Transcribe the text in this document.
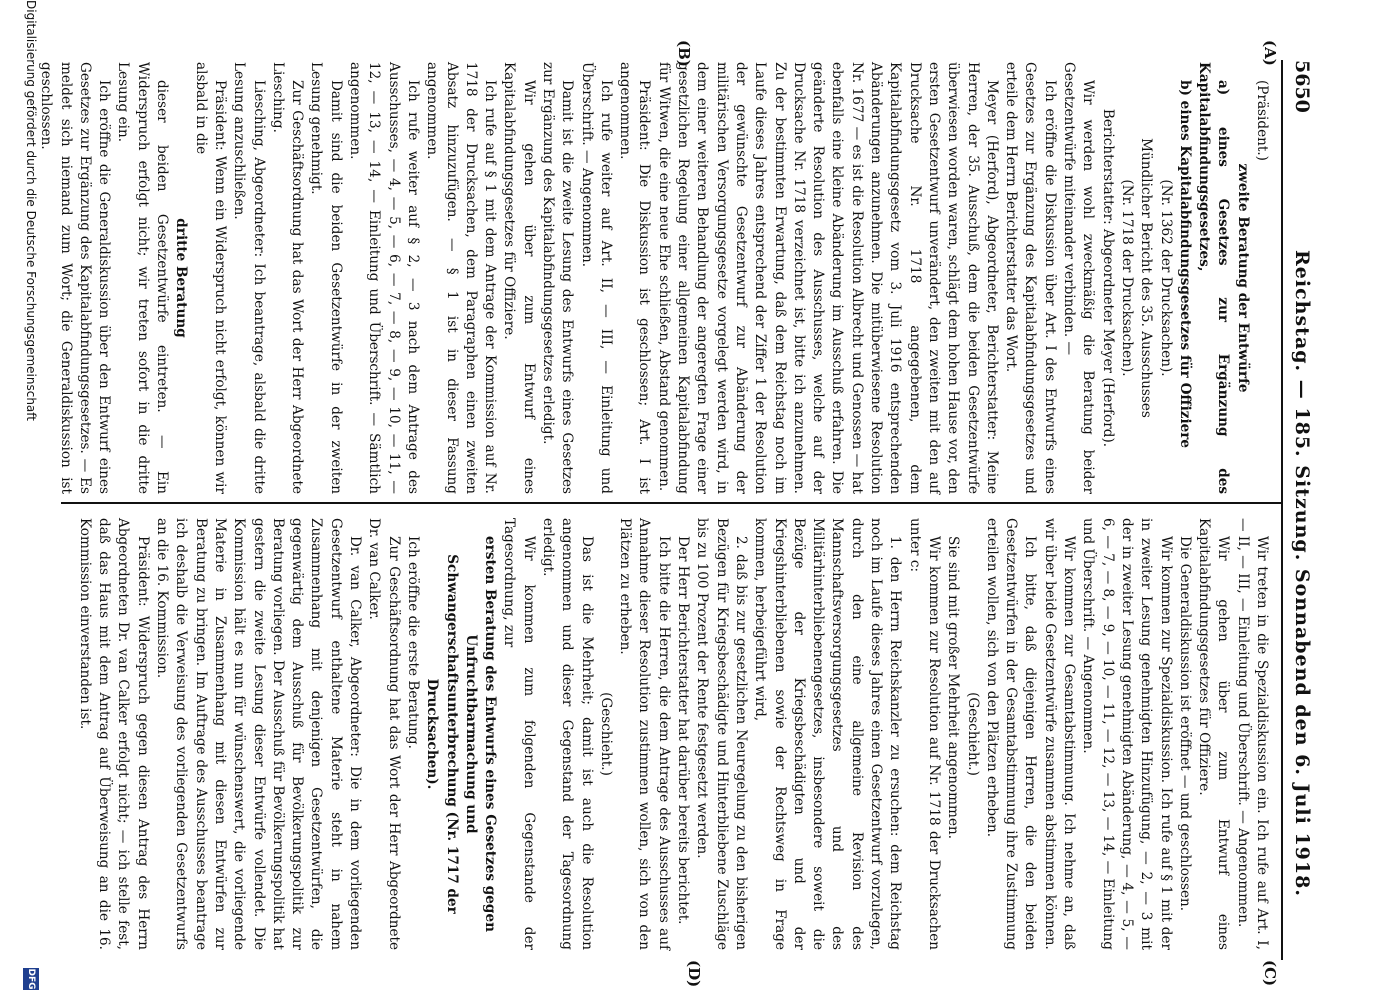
5650
Reichstag. — 185. Sitzung. Sonnabend den 6. Juli 1918.
(A)
(B)
(C)
(D)

(Präsident.)

zweite Beratung der Entwürfe

a) eines Gesetzes zur Ergänzung des Kapitalabfindungsgesetzes,

b) eines Kapitalabfindungsgesetzes für Offiziere

(Nr. 1362 der Drucksachen).

Mündlicher Bericht des 35. Ausschusses

(Nr. 1718 der Drucksachen).

Berichterstatter: Abgeordneter Meyer (Herford).

Wir werden wohl zweckmäßig die Beratung beider Gesetzentwürfe miteinander verbinden. —

Ich eröffne die Diskussion über Art. I des Entwurfs eines Gesetzes zur Ergänzung des Kapitalabfindungsgesetzes und erteile dem Herrn Berichterstatter das Wort.

Meyer (Herford), Abgeordneter, Berichterstatter: Meine Herren, der 35. Ausschuß, dem die beiden Gesetzentwürfe überwiesen worden waren, schlägt dem hohen Hause vor, den ersten Gesetzentwurf unverändert, den zweiten mit den auf Drucksache Nr. 1718 angegebenen, dem Kapitalabfindungsgesetz vom 3. Juli 1916 entsprechenden Abänderungen anzunehmen. Die mitüberwiesene Resolution Nr. 1677 — es ist die Resolution Albrecht und Genossen — hat ebenfalls eine kleine Abänderung im Ausschuß erfahren. Die geänderte Resolution des Ausschusses, welche auf der Drucksache Nr. 1718 verzeichnet ist, bitte ich anzunehmen. Zu der bestimmten Erwartung, daß dem Reichstag noch im Laufe dieses Jahres entsprechend der Ziffer 1 der Resolution der gewünschte Gesetzentwurf zur Abänderung der militärischen Versorgungsgesetze vorgelegt werden wird, in dem einer weiteren Behandlung der angeregten Frage einer gesetzlichen Regelung einer allgemeinen Kapitalabfindung für Witwen, die eine neue Ehe schließen, Abstand genommen.

Präsident: Die Diskussion ist geschlossen; Art. I ist angenommen.

Ich rufe weiter auf Art. II, — III, — Einleitung und Überschrift. — Angenommen.

Damit ist die zweite Lesung des Entwurfs eines Gesetzes zur Ergänzung des Kapitalabfindungsgesetzes erledigt.

Wir gehen über zum Entwurf eines Kapitalabfindungsgesetzes für Offiziere.

Ich rufe auf § 1 mit dem Antrage der Kommission auf Nr. 1718 der Drucksachen, dem Paragraphen einen zweiten Absatz hinzuzufügen. — § 1 ist in dieser Fassung angenommen.

Ich rufe weiter auf § 2, — 3 nach dem Antrage des Ausschusses, — 4, — 5, — 6, — 7, — 8, — 9, — 10, — 11, — 12, — 13, — 14, — Einleitung und Überschrift. — Sämtlich angenommen.

Damit sind die beiden Gesetzentwürfe in der zweiten Lesung genehmigt.

Zur Geschäftsordnung hat das Wort der Herr Abgeordnete Liesching.

Liesching, Abgeordneter: Ich beantrage, alsbald die dritte Lesung anzuschließen.

Präsident: Wenn ein Widerspruch nicht erfolgt, können wir alsbald in die

dritte Beratung

dieser beiden Gesetzentwürfe eintreten. — Ein Widerspruch erfolgt nicht; wir treten sofort in die dritte Lesung ein.

Ich eröffne die Generaldiskussion über den Entwurf eines Gesetzes zur Ergänzung des Kapitalabfindungsgesetzes. — Es meldet sich niemand zum Wort; die Generaldiskussion ist geschlossen.

Wir treten in die Spezialdiskussion ein. Ich rufe auf Art. I, — II, — III, — Einleitung und Überschrift. — Angenommen.

Wir gehen über zum Entwurf eines Kapitalabfindungsgesetzes für Offiziere.

Die Generaldiskussion ist eröffnet — und geschlossen.

Wir kommen zur Spezialdiskussion. Ich rufe auf § 1 mit der in zweiter Lesung genehmigten Hinzufügung, — 2, — 3 mit der in zweiter Lesung genehmigten Abänderung, — 4, — 5, — 6, — 7, — 8, — 9, — 10, — 11, — 12, — 13, — 14, — Einleitung und Überschrift. — Angenommen.

Wir kommen zur Gesamtabstimmung. Ich nehme an, daß wir über beide Gesetzentwürfe zusammen abstimmen können.

Ich bitte, daß diejenigen Herren, die den beiden Gesetzentwürfen in der Gesamtabstimmung ihre Zustimmung erteilen wollen, sich von den Plätzen erheben.

(Geschieht.)

Sie sind mit großer Mehrheit angenommen.

Wir kommen zur Resolution auf Nr. 1718 der Drucksachen unter c:

1. den Herrn Reichskanzler zu ersuchen: dem Reichstag noch im Laufe dieses Jahres einen Gesetzentwurf vorzulegen, durch den eine allgemeine Revision des Mannschaftsversorgungsgesetzes und des Militärhinterbliebenengesetzes, insbesondere soweit die Bezüge der Kriegsbeschädigten und der Kriegshinterbliebenen sowie der Rechtsweg in Frage kommen, herbeigeführt wird,

2. daß bis zur gesetzlichen Neuregelung zu den bisherigen Bezügen für Kriegsbeschädigte und Hinterbliebene Zuschläge bis zu 100 Prozent der Rente festgesetzt werden.

Der Herr Berichterstatter hat darüber bereits berichtet.

Ich bitte die Herren, die dem Antrage des Ausschusses auf Annahme dieser Resolution zustimmen wollen, sich von den Plätzen zu erheben.

(Geschieht.)

Das ist die Mehrheit; damit ist auch die Resolution angenommen und dieser Gegenstand der Tagesordnung erledigt.

Wir kommen zum folgenden Gegenstande der Tagesordnung, zur

ersten Beratung des Entwurfs eines Gesetzes gegen Unfruchtbarmachung und Schwangerschaftsunterbrechung (Nr. 1717 der Drucksachen).

Ich eröffne die erste Beratung.

Zur Geschäftsordnung hat das Wort der Herr Abgeordnete Dr. van Calker.

Dr. van Calker, Abgeordneter: Die in dem vorliegenden Gesetzentwurf enthaltene Materie steht in nahem Zusammenhang mit denjenigen Gesetzentwürfen, die gegenwärtig dem Ausschuß für Bevölkerungspolitik zur Beratung vorliegen. Der Ausschuß für Bevölkerungspolitik hat gestern die zweite Lesung dieser Entwürfe vollendet. Die Kommission hält es nun für wünschenswert, die vorliegende Materie in Zusammenhang mit diesen Entwürfen zur Beratung zu bringen. Im Auftrage des Ausschusses beantrage ich deshalb die Verweisung des vorliegenden Gesetzentwurfs an die 16. Kommission.

Präsident: Widerspruch gegen diesen Antrag des Herrn Abgeordneten Dr. van Calker erfolgt nicht; — ich stelle fest, daß das Haus mit dem Antrag auf Überweisung an die 16. Kommission einverstanden ist.

Digitalisierung gefördert durch die Deutsche Forschungsgemeinschaft
DFG
